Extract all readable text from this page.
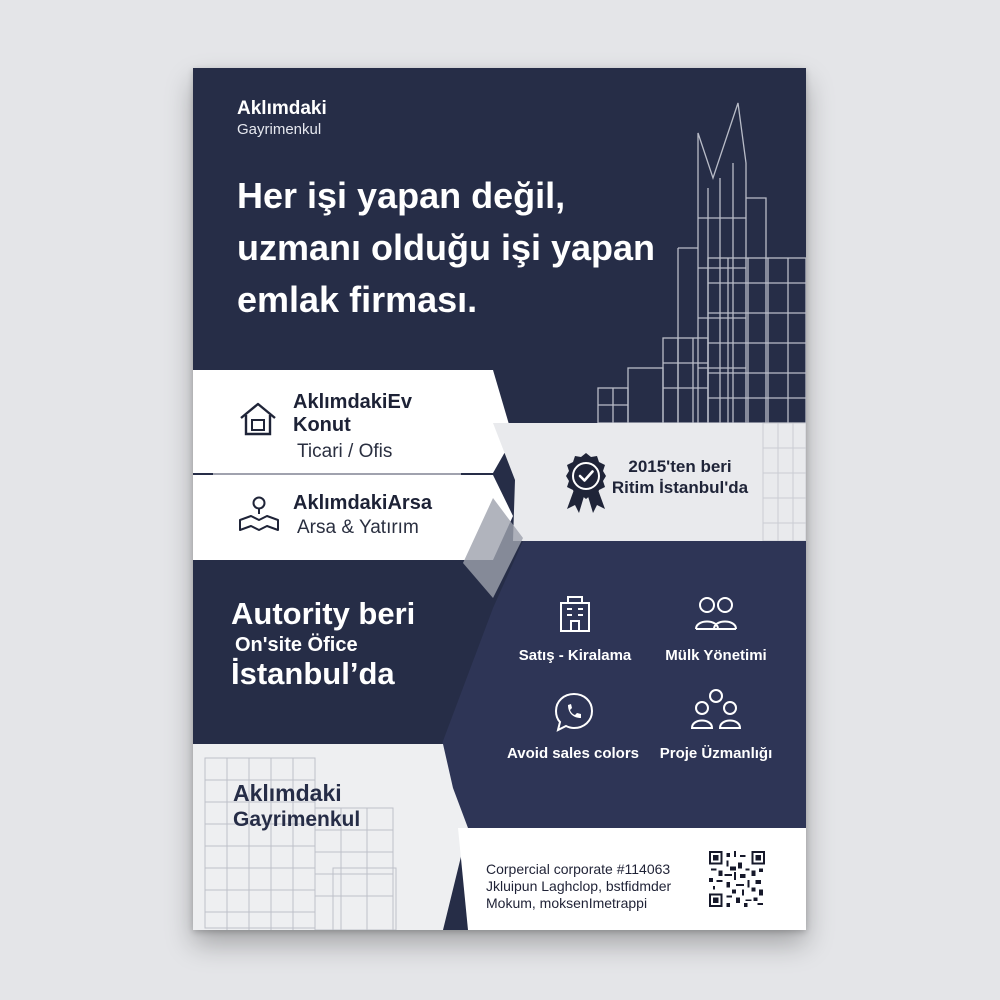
Aklımdaki
Gayrimenkul
Her işi yapan değil, uzmanı olduğu işi yapan emlak firması.
AklımdakiEv
Konut
Ticari / Ofis
AklımdakiArsa
Arsa & Yatırım
2015'ten beri Ritim İstanbul'da
Autority beri
On'site Öfice
İstanbul’da
Satış - Kiralama	Mülk Yönetimi
Avoid sales colors	Proje Üzmanlığı
Aklımdaki
Gayrimenkul
Corpercial corporate #114063
Jkluipun Laghclop, bstfidmder
Mokum, moksenImetrappi
